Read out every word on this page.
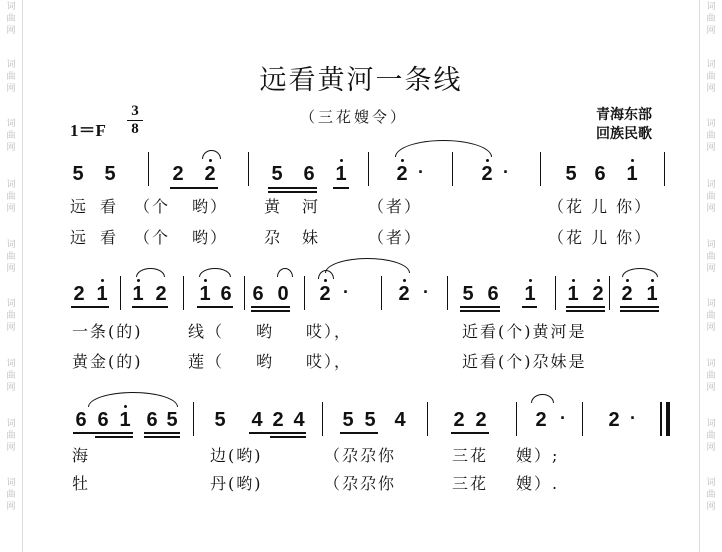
词	词
曲	曲
网	网
词	词
曲	曲
网	网
词	词
曲	曲
网	网
词	词
曲	曲
网	网
词	词
曲	曲
网	网
词	词
曲	曲
网	网
词	词
曲	曲
网	网
词	词
曲	曲
网	网
词	词
曲	曲
网	网
远看黄河一条线
（三花嫂令）
1＝F
3
8
青海东部
回族民歌
5 5	2 2	5 6 1 2	2	5 6 1
·	·
2 1 1 2 1 6 6 0 2	2	5 6 1 1 2 2 1
·	·
6 6 1 6 5 5 4 2 4 5 5 4 2 2 2	2
·	·
远 看 （个 哟） 黄 河	（者）	（花 儿 你）
远 看 （个 哟） 尕 妹	（者）	（花 儿 你）
一条(的)	线（ 哟 哎），	近看(个)黄河是
黄金(的)	莲（ 哟 哎），	近看(个)尕妹是
海	边(哟)	（尕尕你	三花 嫂）;
牡	丹(哟)	（尕尕你	三花 嫂）.
